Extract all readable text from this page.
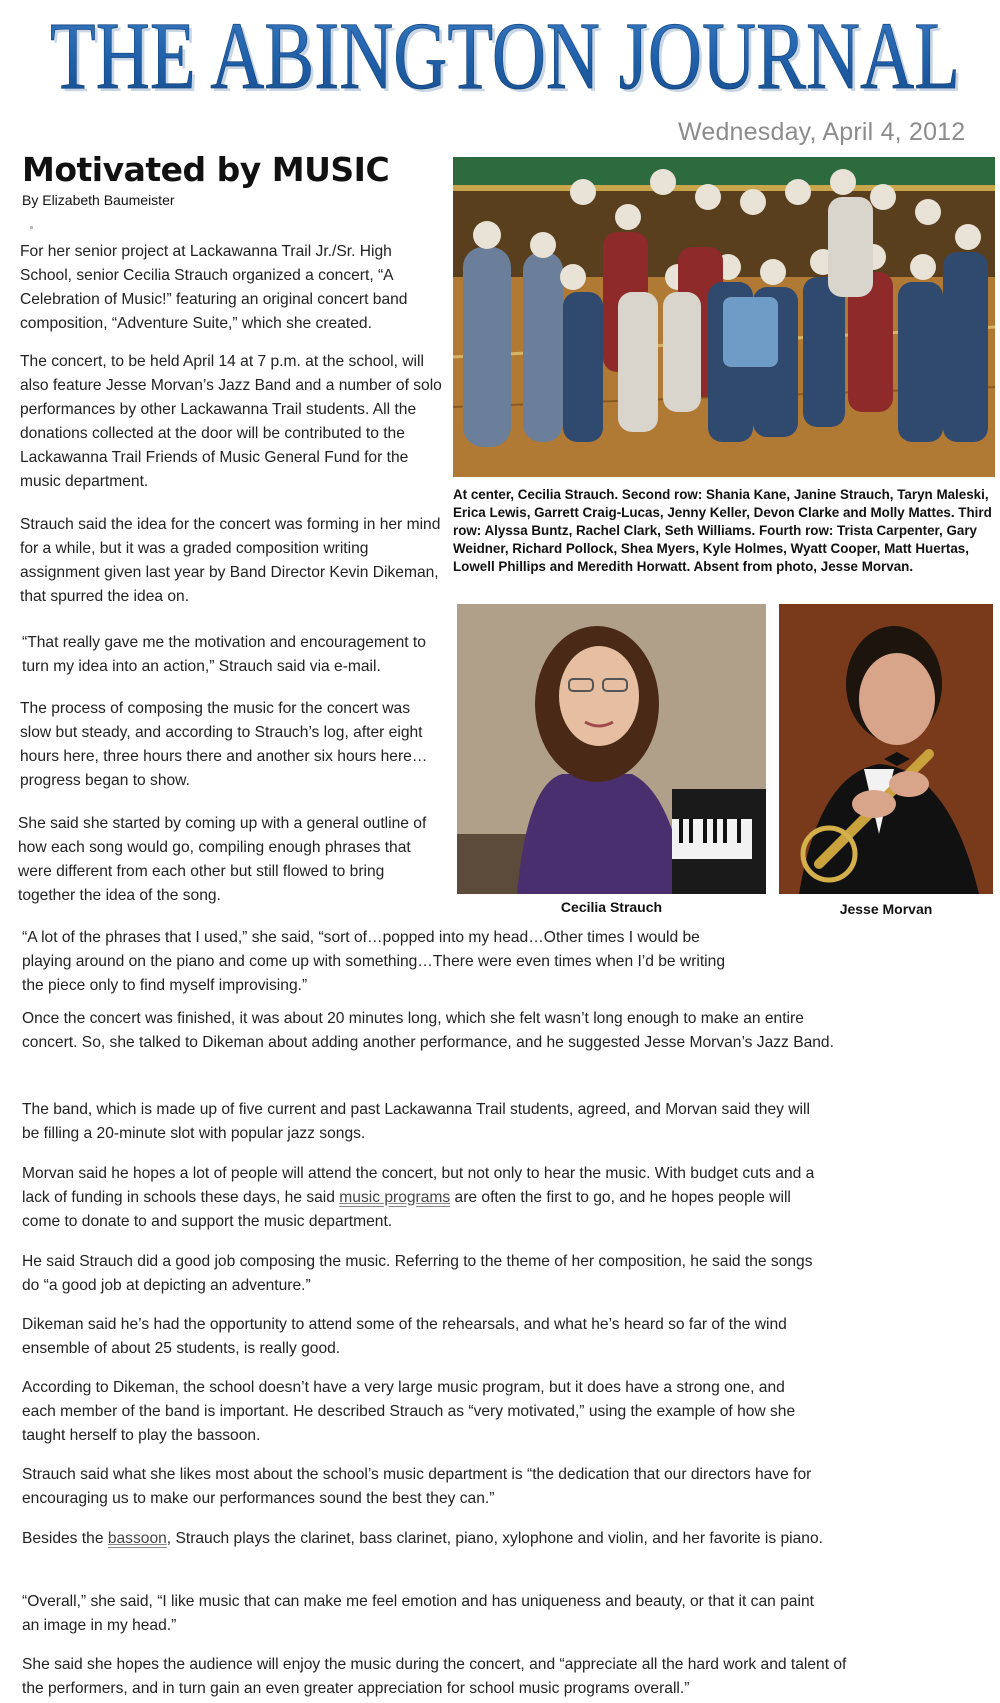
THE ABINGTON JOURNAL
THE ABINGTON JOURNAL
Wednesday, April 4, 2012
Motivated by MUSIC
By Elizabeth Baumeister

For her senior project at Lackawanna Trail Jr./Sr. High School, senior Cecilia Strauch organized a concert, “A Celebration of Music!” featuring an original concert band composition, “Adventure Suite,” which she created.

The concert, to be held April 14 at 7 p.m. at the school, will also feature Jesse Morvan’s Jazz Band and a number of solo performances by other Lackawanna Trail students. All the donations collected at the door will be contributed to the Lackawanna Trail Friends of Music General Fund for the music department.

Strauch said the idea for the concert was forming in her mind for a while, but it was a graded composition writing assignment given last year by Band Director Kevin Dikeman, that spurred the idea on.

“That really gave me the motivation and encouragement to turn my idea into an action,” Strauch said via e-mail.

The process of composing the music for the concert was slow but steady, and according to Strauch’s log, after eight hours here, three hours there and another six hours here…progress began to show.

She said she started by coming up with a general outline of how each song would go, compiling enough phrases that were different from each other but still flowed to bring together the idea of the song.

At center, Cecilia Strauch. Second row: Shania Kane, Janine Strauch, Taryn Maleski, Erica Lewis, Garrett Craig-Lucas, Jenny Keller, Devon Clarke and Molly Mattes. Third row: Alyssa Buntz, Rachel Clark, Seth Williams. Fourth row: Trista Carpenter, Gary Weidner, Richard Pollock, Shea Myers, Kyle Holmes, Wyatt Cooper, Matt Huertas, Lowell Phillips and Meredith Horwatt. Absent from photo, Jesse Morvan.
Cecilia Strauch	Jesse Morvan

“A lot of the phrases that I used,” she said, “sort of…popped into my head…Other times I would be playing around on the piano and come up with something…There were even times when I’d be writing the piece only to find myself improvising.”

Once the concert was finished, it was about 20 minutes long, which she felt wasn’t long enough to make an entire concert. So, she talked to Dikeman about adding another performance, and he suggested Jesse Morvan’s Jazz Band.

The band, which is made up of five current and past Lackawanna Trail students, agreed, and Morvan said they will be filling a 20-minute slot with popular jazz songs.

Morvan said he hopes a lot of people will attend the concert, but not only to hear the music. With budget cuts and a lack of funding in schools these days, he said music programs are often the first to go, and he hopes people will come to donate to and support the music department.

He said Strauch did a good job composing the music. Referring to the theme of her composition, he said the songs do “a good job at depicting an adventure.”

Dikeman said he’s had the opportunity to attend some of the rehearsals, and what he’s heard so far of the wind ensemble of about 25 students, is really good.

According to Dikeman, the school doesn’t have a very large music program, but it does have a strong one, and each member of the band is important. He described Strauch as “very motivated,” using the example of how she taught herself to play the bassoon.

Strauch said what she likes most about the school’s music department is “the dedication that our directors have for encouraging us to make our performances sound the best they can.”

Besides the bassoon, Strauch plays the clarinet, bass clarinet, piano, xylophone and violin, and her favorite is piano.

“Overall,” she said, “I like music that can make me feel emotion and has uniqueness and beauty, or that it can paint an image in my head.”

She said she hopes the audience will enjoy the music during the concert, and “appreciate all the hard work and talent of the performers, and in turn gain an even greater appreciation for school music programs overall.”
